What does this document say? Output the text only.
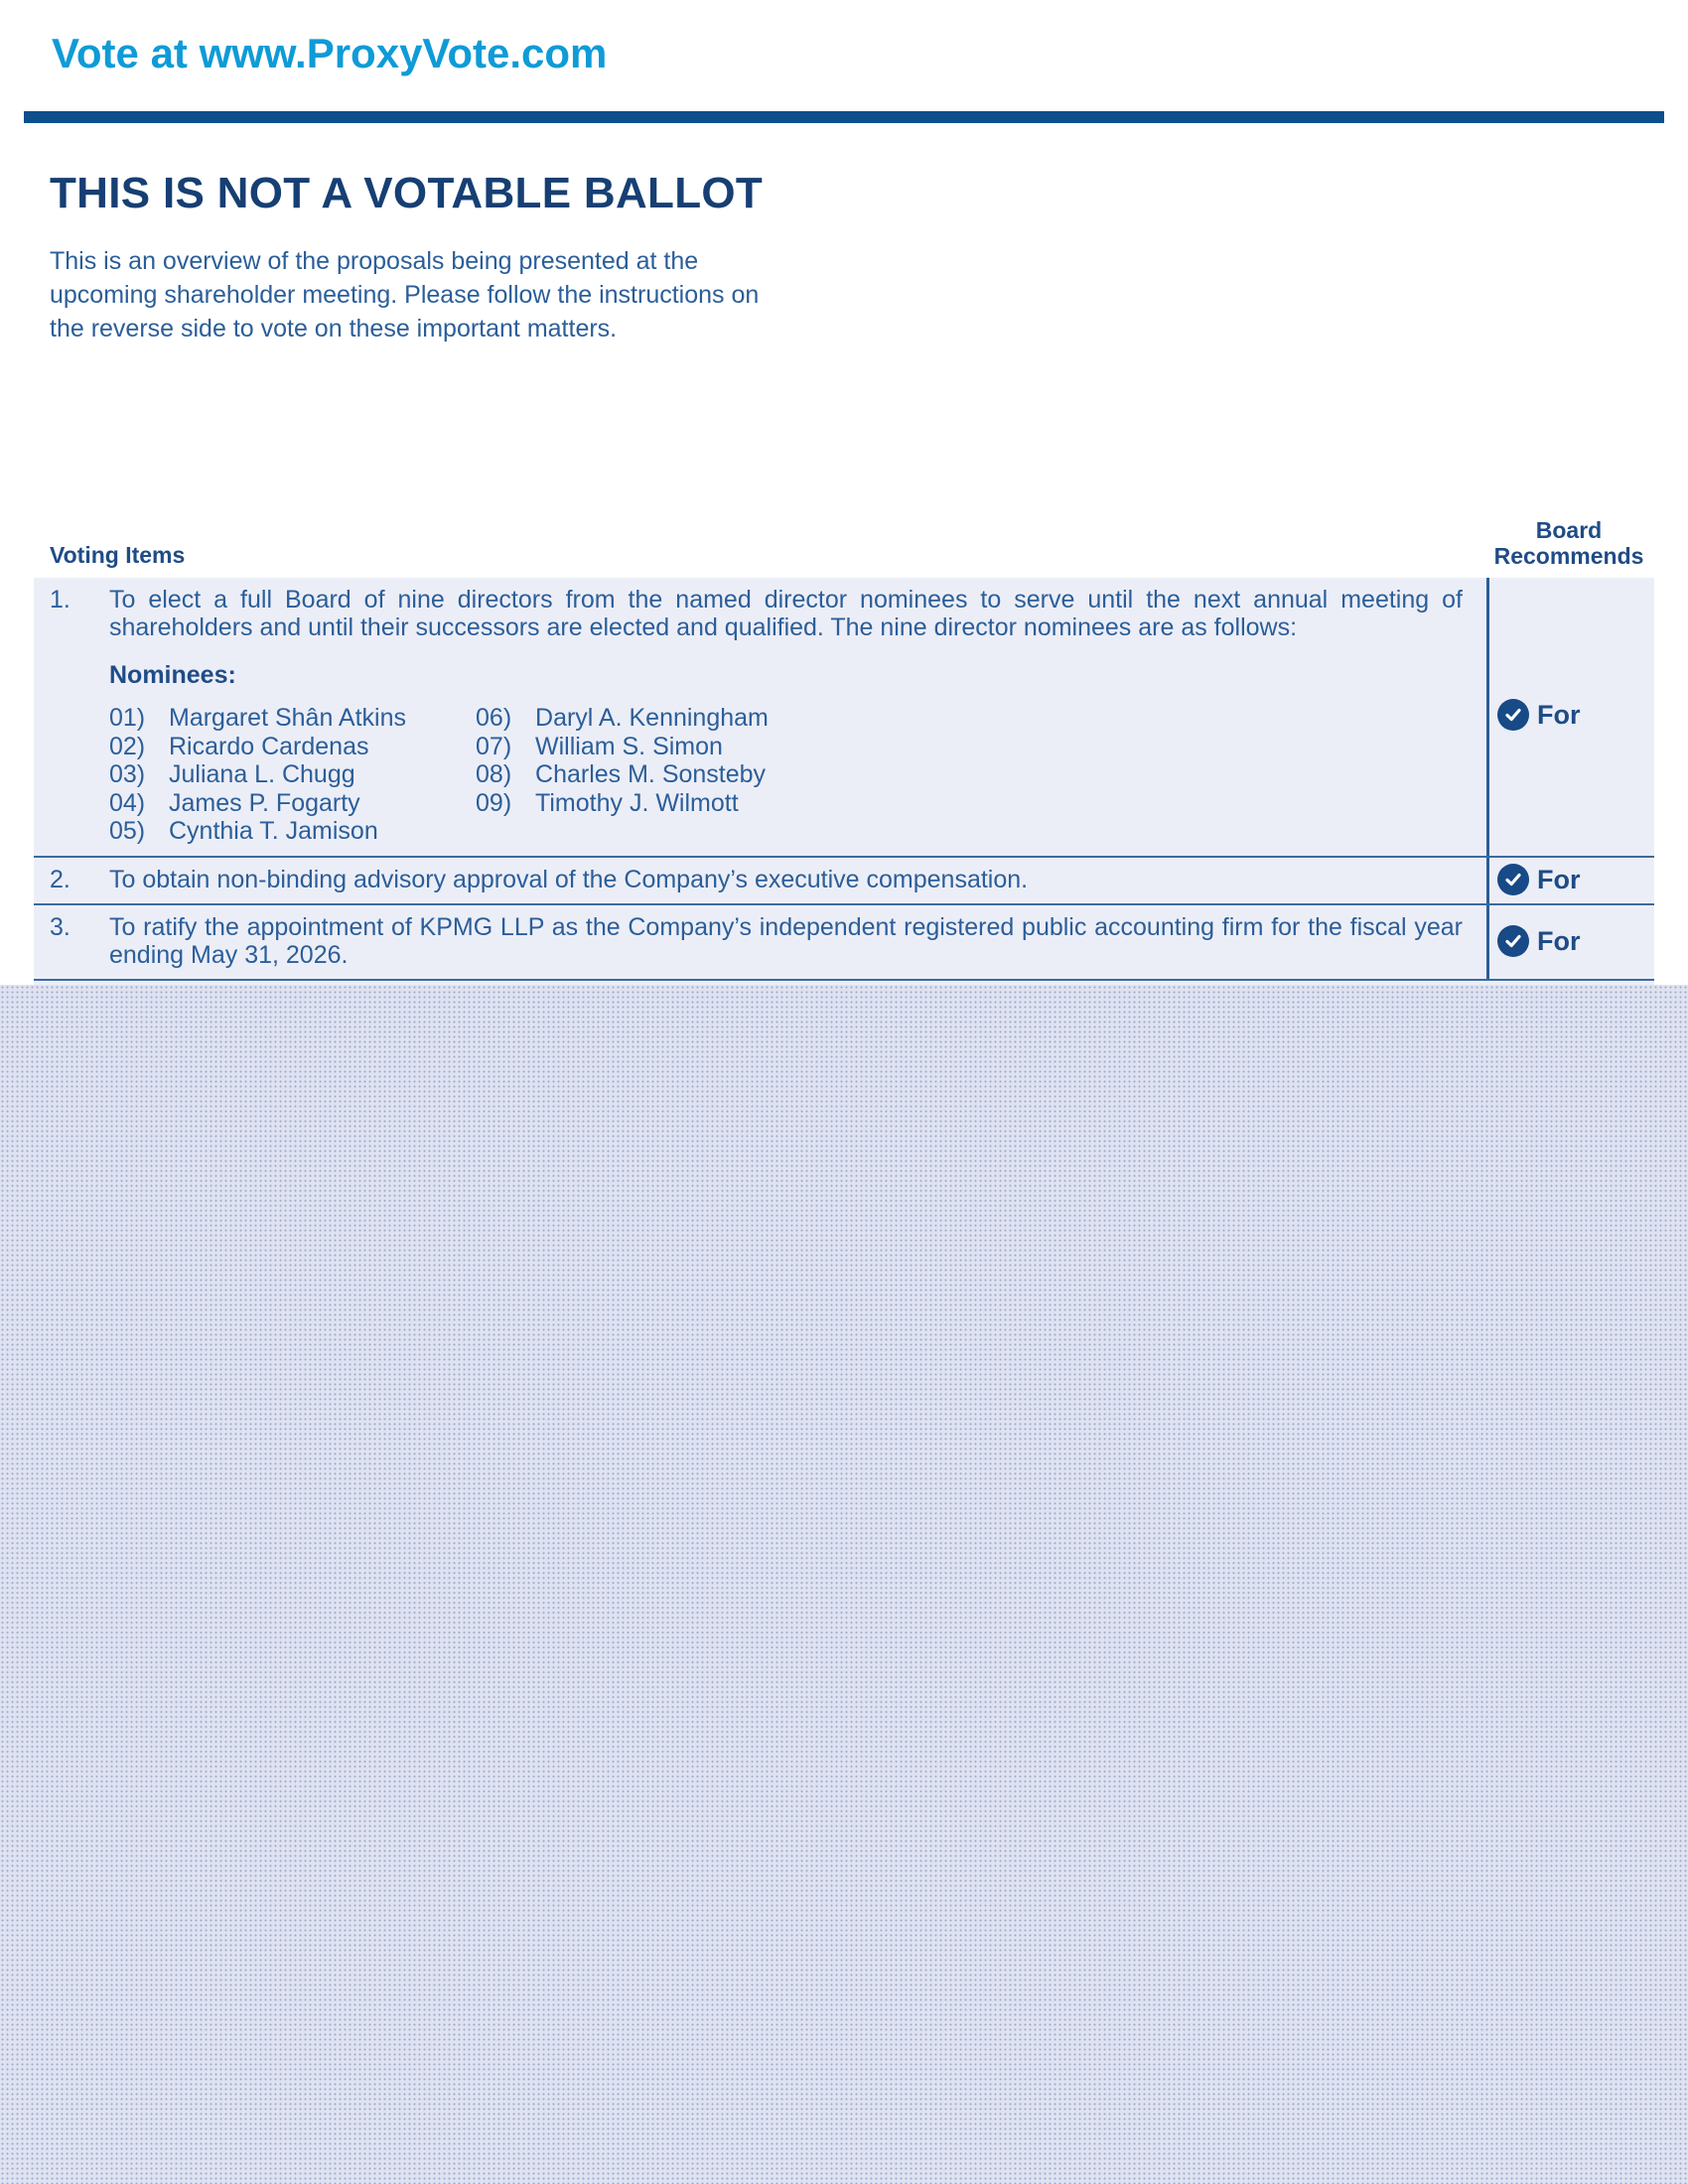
Vote at www.ProxyVote.com
THIS IS NOT A VOTABLE BALLOT
This is an overview of the proposals being presented at the
upcoming shareholder meeting. Please follow the instructions on
the reverse side to vote on these important matters.
Voting Items
Board
Recommends
1. To elect a full Board of nine directors from the named director nominees to serve until the next annual meeting of shareholders and until their successors are elected and qualified. The nine director nominees are as follows:
Nominees:
01) Margaret Shân Atkins
02) Ricardo Cardenas
03) Juliana L. Chugg
04) James P. Fogarty
05) Cynthia T. Jamison
06) Daryl A. Kenningham
07) William S. Simon
08) Charles M. Sonsteby
09) Timothy J. Wilmott
For
2. To obtain non-binding advisory approval of the Company’s executive compensation.	For
3. To ratify the appointment of KPMG LLP as the Company’s independent registered public accounting firm for the fiscal year ending May 31, 2026.	For
